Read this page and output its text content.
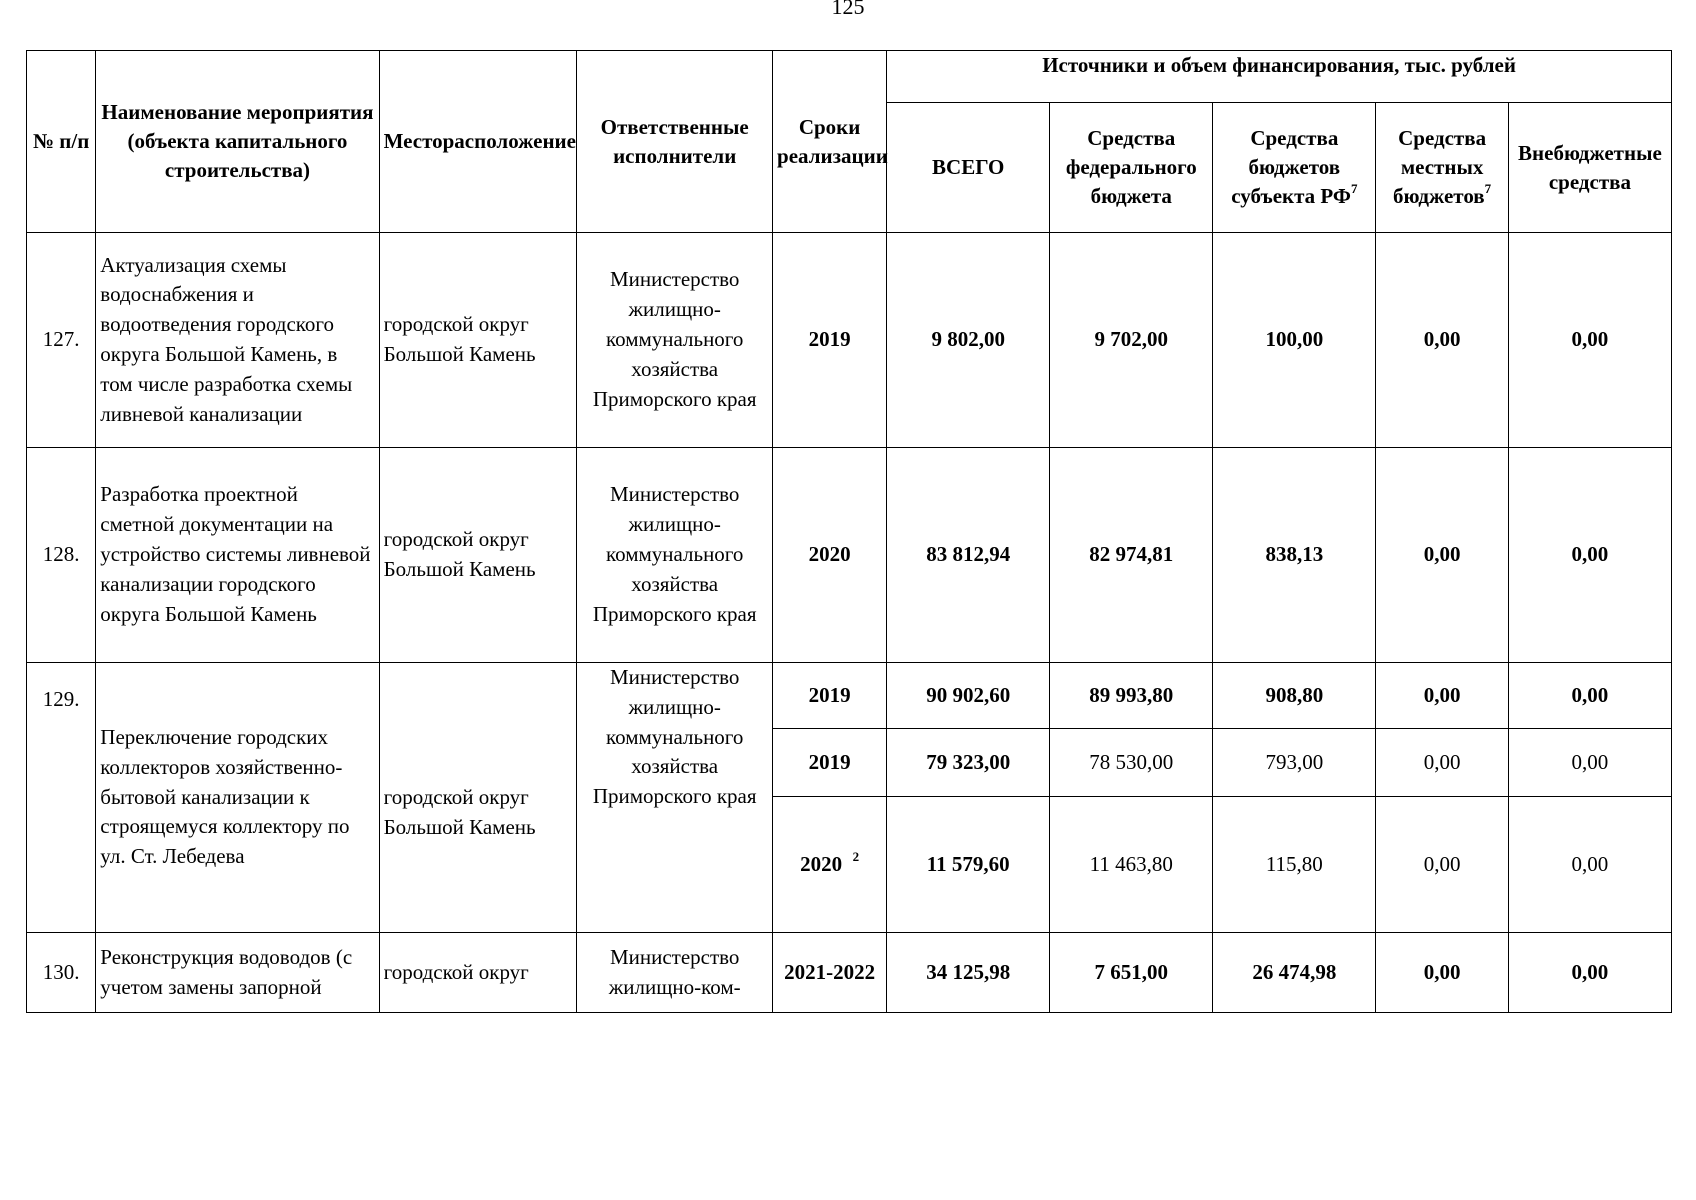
125
№ п/п	Наименование мероприятия (объекта капитального строительства)	Месторасположение	Ответственные исполнители	Сроки реализации	Источники и объем финансирования, тыс. рублей				
					ВСЕГО	Средства федерального бюджета	Средства бюджетов субъекта $РФ^7$	Средства местных бюджетов$^7$	Внебюджетные средства
127.	Актуализация схемы водоснабжения и водоотведения городского округа Большой Камень, в том числе разработка схемы ливневой канализации	городской округ Большой Камень	Министерство жилищно-коммунального хозяйства Приморского края	2019	9 802,00	9 702,00	100,00	0,00	0,00
128.	Разработка проектной сметной документации на устройство системы ливневой канализации городского округа Большой Камень	городской округ Большой Камень	Министерство жилищно-коммунального хозяйства Приморского края	2020	83 812,94	82 974,81	838,13	0,00	0,00
129.	Переключение городских коллекторов хозяйственно-бытовой канализации к строящемуся коллектору по ул. Ст. Лебедева	городской округ Большой Камень	Министерство жилищно-коммунального хозяйства Приморского края	2019	90 902,60	89 993,80	908,80	0,00	0,00
				2019	79 323,00	78 530,00	793,00	0,00	0,00
				2020 $^2$	11 579,60	11 463,80	115,80	0,00	0,00
130.	Реконструкция водоводов (с учетом замены запорной	городской округ	Министерство жилищно-ком-	2021-2022	34 125,98	7 651,00	26 474,98	0,00	0,00
